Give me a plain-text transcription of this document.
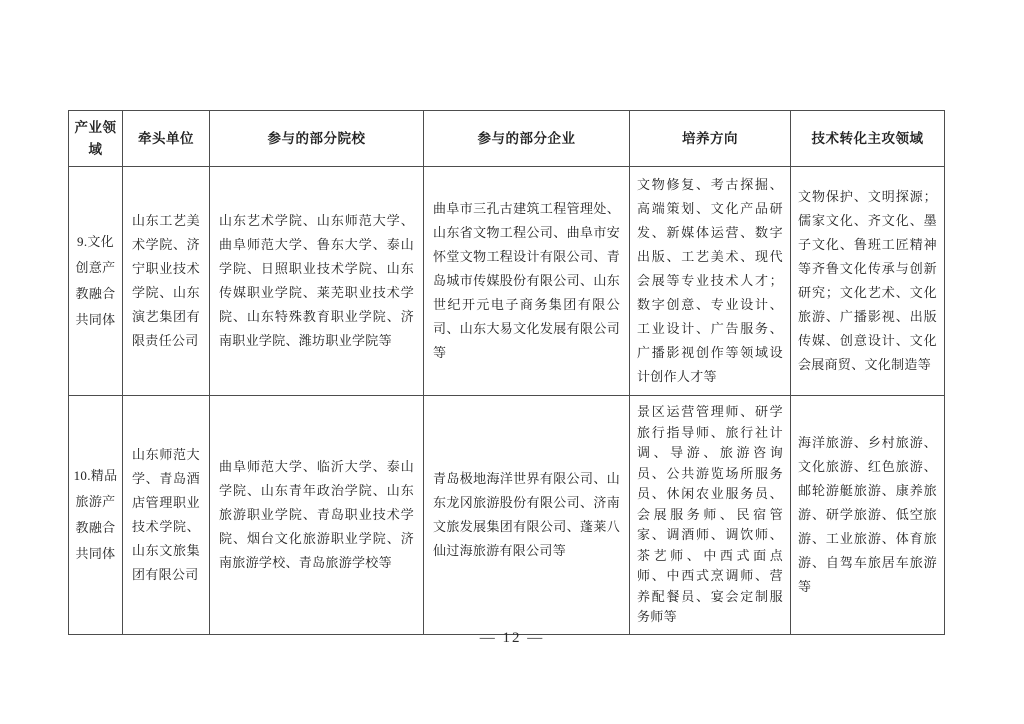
产业领域	牵头单位	参与的部分院校	参与的部分企业	培养方向	技术转化主攻领域
9.文化创意产教融合共同体	山东工艺美术学院、济宁职业技术学院、山东演艺集团有限责任公司	山东艺术学院、山东师范大学、曲阜师范大学、鲁东大学、泰山学院、日照职业技术学院、山东传媒职业学院、莱芜职业技术学院、山东特殊教育职业学院、济南职业学院、潍坊职业学院等	曲阜市三孔古建筑工程管理处、山东省文物工程公司、曲阜市安怀堂文物工程设计有限公司、青岛城市传媒股份有限公司、山东世纪开元电子商务集团有限公司、山东大易文化发展有限公司等	文物修复、考古探掘、高端策划、文化产品研发、新媒体运营、数字出版、工艺美术、现代会展等专业技术人才；数字创意、专业设计、工业设计、广告服务、广播影视创作等领域设计创作人才等	文物保护、文明探源；儒家文化、齐文化、墨子文化、鲁班工匠精神等齐鲁文化传承与创新研究；文化艺术、文化旅游、广播影视、出版传媒、创意设计、文化会展商贸、文化制造等
10.精品旅游产教融合共同体	山东师范大学、青岛酒店管理职业技术学院、山东文旅集团有限公司	曲阜师范大学、临沂大学、泰山学院、山东青年政治学院、山东旅游职业学院、青岛职业技术学院、烟台文化旅游职业学院、济南旅游学校、青岛旅游学校等	青岛极地海洋世界有限公司、山东龙冈旅游股份有限公司、济南文旅发展集团有限公司、蓬莱八仙过海旅游有限公司等	景区运营管理师、研学旅行指导师、旅行社计调、导游、旅游咨询员、公共游览场所服务员、休闲农业服务员、会展服务师、民宿管家、调酒师、调饮师、茶艺师、中西式面点师、中西式烹调师、营养配餐员、宴会定制服务师等	海洋旅游、乡村旅游、文化旅游、红色旅游、邮轮游艇旅游、康养旅游、研学旅游、低空旅游、工业旅游、体育旅游、自驾车旅居车旅游等
— 12 —
